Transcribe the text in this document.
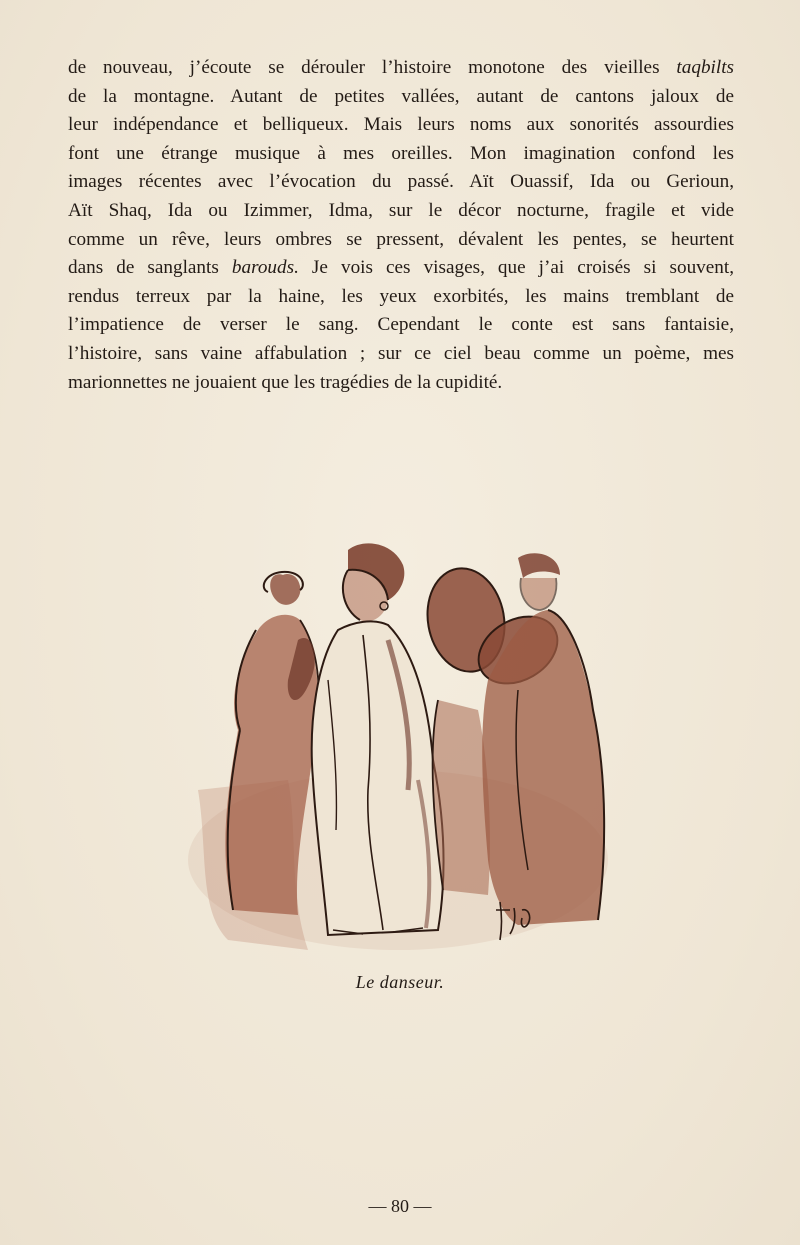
de nouveau, j’écoute se dérouler l’histoire monotone des vieilles taqbilts
de la montagne. Autant de petites vallées, autant de cantons jaloux de
leur indépendance et belliqueux. Mais leurs noms aux sonorités assourdies
font une étrange musique à mes oreilles. Mon imagination confond les
images récentes avec l’évocation du passé. Aït Ouassif, Ida ou Gerioun,
Aït Shaq, Ida ou Izimmer, Idma, sur le décor nocturne, fragile et vide
comme un rêve, leurs ombres se pressent, dévalent les pentes, se heurtent
dans de sanglants barouds. Je vois ces visages, que j’ai croisés si souvent,
rendus terreux par la haine, les yeux exorbités, les mains tremblant de
l’impatience de verser le sang. Cependant le conte est sans fantaisie,
l’histoire, sans vaine affabulation ; sur ce ciel beau comme un poème, mes
marionnettes ne jouaient que les tragédies de la cupidité.
Le danseur.
— 80 —
